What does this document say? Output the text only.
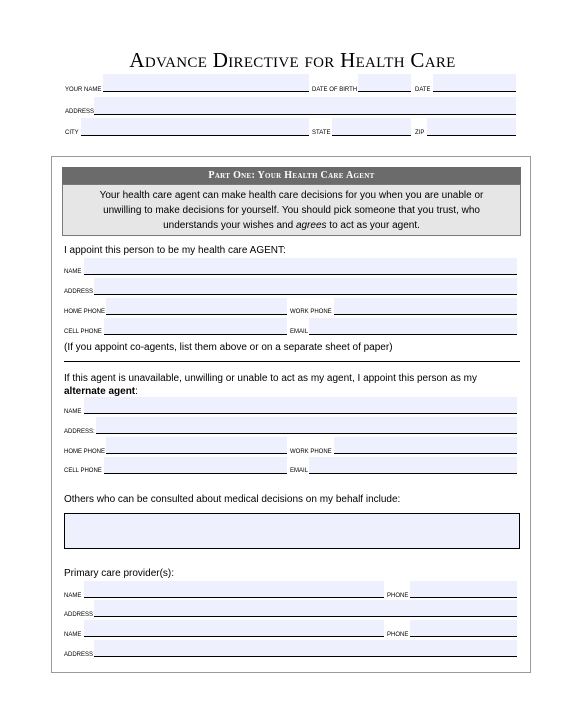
Advance Directive for Health Care
YOUR NAME	DATE OF BIRTH	DATE
ADDRESS
CITY	STATE	ZIP
Part One: Your Health Care Agent
Your health care agent can make health care decisions for you when you are unable or
unwilling to make decisions for yourself. You should pick someone that you trust, who
understands your wishes and agrees to act as your agent.
I appoint this person to be my health care AGENT:
NAME
ADDRESS
HOME PHONE	WORK PHONE
CELL PHONE	EMAIL
(If you appoint co-agents, list them above or on a separate sheet of paper)
If this agent is unavailable, unwilling or unable to act as my agent, I appoint this person as my
alternate agent:
NAME
ADDRESS:
HOME PHONE	WORK PHONE
CELL PHONE	EMAIL
Others who can be consulted about medical decisions on my behalf include:
Primary care provider(s):
NAME	PHONE
ADDRESS
NAME	PHONE
ADDRESS
